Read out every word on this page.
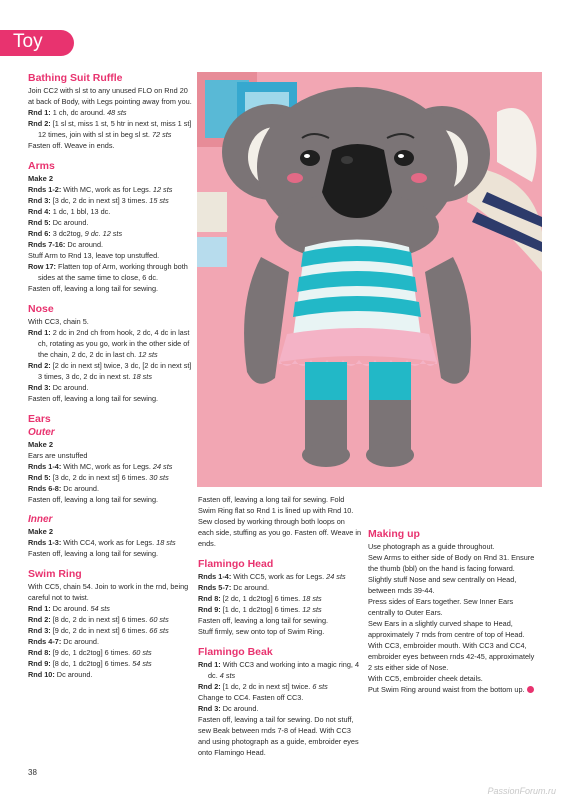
Toy
Bathing Suit Ruffle
Join CC2 with sl st to any unused FLO on Rnd 20 at back of Body, with Legs pointing away from you.
Rnd 1: 1 ch, dc around. 48 sts
Rnd 2: [1 sl st, miss 1 st, 5 htr in next st, miss 1 st] 12 times, join with sl st in beg sl st. 72 sts
Fasten off. Weave in ends.
Arms
Make 2
Rnds 1-2: With MC, work as for Legs. 12 sts
Rnd 3: [3 dc, 2 dc in next st] 3 times. 15 sts
Rnd 4: 1 dc, 1 bbl, 13 dc.
Rnd 5: Dc around.
Rnd 6: 3 dc2tog, 9 dc. 12 sts
Rnds 7-16: Dc around.
Stuff Arm to Rnd 13, leave top unstuffed.
Row 17: Flatten top of Arm, working through both sides at the same time to close, 6 dc.
Fasten off, leaving a long tail for sewing.
Nose
With CC3, chain 5.
Rnd 1: 2 dc in 2nd ch from hook, 2 dc, 4 dc in last ch, rotating as you go, work in the other side of the chain, 2 dc, 2 dc in last ch. 12 sts
Rnd 2: [2 dc in next st] twice, 3 dc, [2 dc in next st] 3 times, 3 dc, 2 dc in next st. 18 sts
Rnd 3: Dc around.
Fasten off, leaving a long tail for sewing.
Ears
Outer
Make 2
Ears are unstuffed
Rnds 1-4: With MC, work as for Legs. 24 sts
Rnd 5: [3 dc, 2 dc in next st] 6 times. 30 sts
Rnds 6-8: Dc around.
Fasten off, leaving a long tail for sewing.
Inner
Make 2
Rnds 1-3: With CC4, work as for Legs. 18 sts
Fasten off, leaving a long tail for sewing.
Swim Ring
With CC5, chain 54. Join to work in the rnd, being careful not to twist.
Rnd 1: Dc around. 54 sts
Rnd 2: [8 dc, 2 dc in next st] 6 times. 60 sts
Rnd 3: [9 dc, 2 dc in next st] 6 times. 66 sts
Rnds 4-7: Dc around.
Rnd 8: [9 dc, 1 dc2tog] 6 times. 60 sts
Rnd 9: [8 dc, 1 dc2tog] 6 times. 54 sts
Rnd 10: Dc around.
Fasten off, leaving a long tail for sewing. Fold Swim Ring flat so Rnd 1 is lined up with Rnd 10. Sew closed by working through both loops on each side, stuffing as you go. Fasten off. Weave in ends.
Flamingo Head
Rnds 1-4: With CC5, work as for Legs. 24 sts
Rnds 5-7: Dc around.
Rnd 8: [2 dc, 1 dc2tog] 6 times. 18 sts
Rnd 9: [1 dc, 1 dc2tog] 6 times. 12 sts
Fasten off, leaving a long tail for sewing.
Stuff firmly, sew onto top of Swim Ring.
Flamingo Beak
Rnd 1: With CC3 and working into a magic ring, 4 dc. 4 sts
Rnd 2: [1 dc, 2 dc in next st] twice. 6 sts
Change to CC4. Fasten off CC3.
Rnd 3: Dc around.
Fasten off, leaving a tail for sewing. Do not stuff, sew Beak between rnds 7-8 of Head. With CC3 and using photograph as a guide, embroider eyes onto Flamingo Head.
Making up
Use photograph as a guide throughout.
Sew Arms to either side of Body on Rnd 31. Ensure the thumb (bbl) on the hand is facing forward.
Slightly stuff Nose and sew centrally on Head, between rnds 39-44.
Press sides of Ears together. Sew Inner Ears centrally to Outer Ears.
Sew Ears in a slightly curved shape to Head, approximately 7 rnds from centre of top of Head.
With CC3, embroider mouth. With CC3 and CC4, embroider eyes between rnds 42-45, approximately 2 sts either side of Nose.
With CC5, embroider cheek details.
Put Swim Ring around waist from the bottom up.
38
PassionForum.ru
